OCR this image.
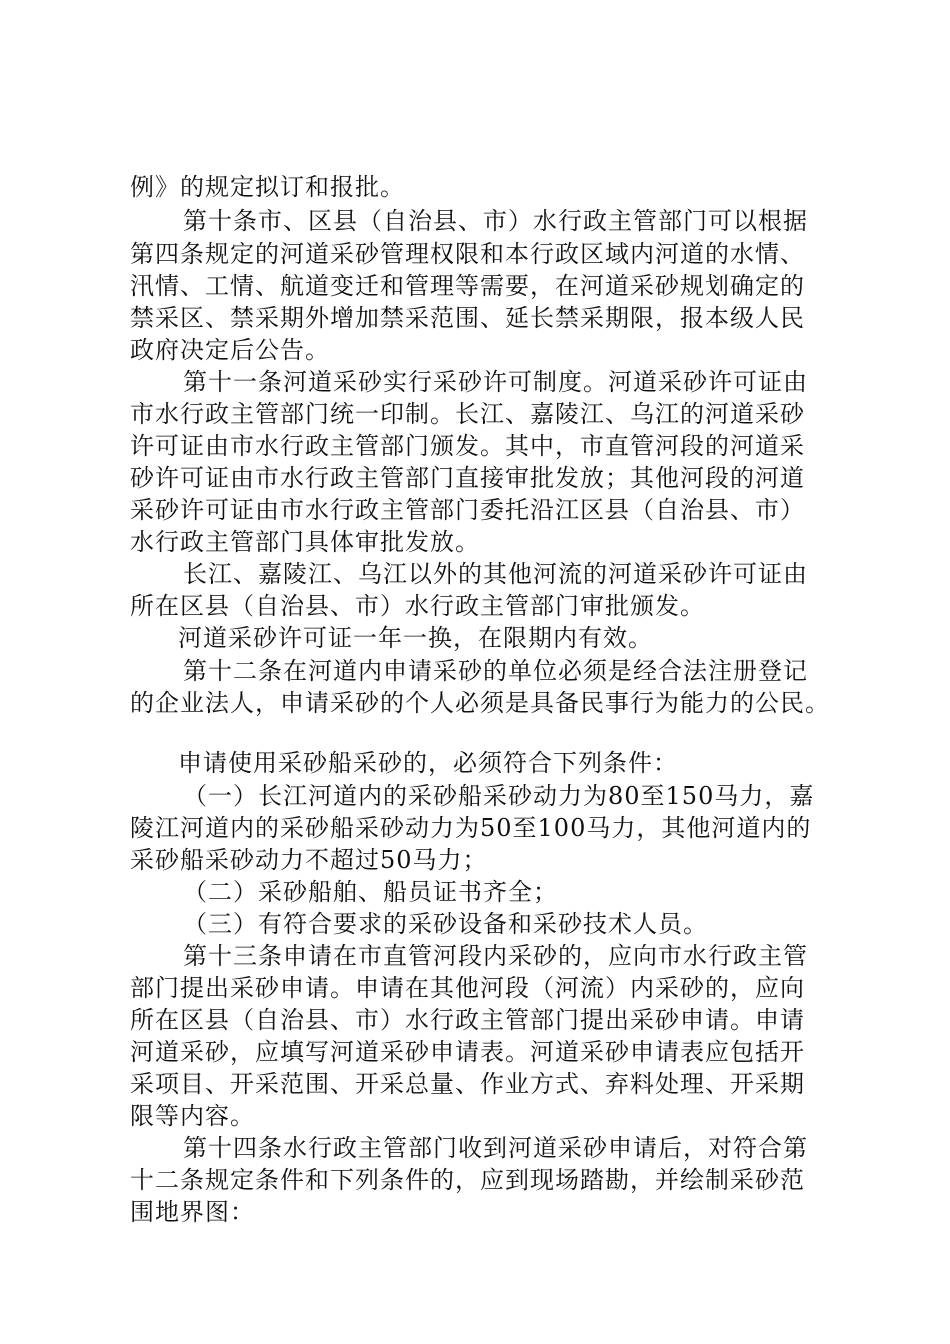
例》的规定拟订和报批。
第十条市、区县（自治县、市）水行政主管部门可以根据
第四条规定的河道采砂管理权限和本行政区域内河道的水情、
汛情、工情、航道变迁和管理等需要，在河道采砂规划确定的
禁采区、禁采期外增加禁采范围、延长禁采期限，报本级人民
政府决定后公告。
第十一条河道采砂实行采砂许可制度。河道采砂许可证由
市水行政主管部门统一印制。长江、嘉陵江、乌江的河道采砂
许可证由市水行政主管部门颁发。其中，市直管河段的河道采
砂许可证由市水行政主管部门直接审批发放；其他河段的河道
采砂许可证由市水行政主管部门委托沿江区县（自治县、市）
水行政主管部门具体审批发放。
长江、嘉陵江、乌江以外的其他河流的河道采砂许可证由
所在区县（自治县、市）水行政主管部门审批颁发。
河道采砂许可证一年一换，在限期内有效。
第十二条在河道内申请采砂的单位必须是经合法注册登记
的企业法人，申请采砂的个人必须是具备民事行为能力的公民。
申请使用采砂船采砂的，必须符合下列条件：
（一）长江河道内的采砂船采砂动力为80至150马力，嘉
陵江河道内的采砂船采砂动力为50至100马力，其他河道内的
采砂船采砂动力不超过50马力；
（二）采砂船舶、船员证书齐全；
（三）有符合要求的采砂设备和采砂技术人员。
第十三条申请在市直管河段内采砂的，应向市水行政主管
部门提出采砂申请。申请在其他河段（河流）内采砂的，应向
所在区县（自治县、市）水行政主管部门提出采砂申请。申请
河道采砂，应填写河道采砂申请表。河道采砂申请表应包括开
采项目、开采范围、开采总量、作业方式、弃料处理、开采期
限等内容。
第十四条水行政主管部门收到河道采砂申请后，对符合第
十二条规定条件和下列条件的，应到现场踏勘，并绘制采砂范
围地界图：
